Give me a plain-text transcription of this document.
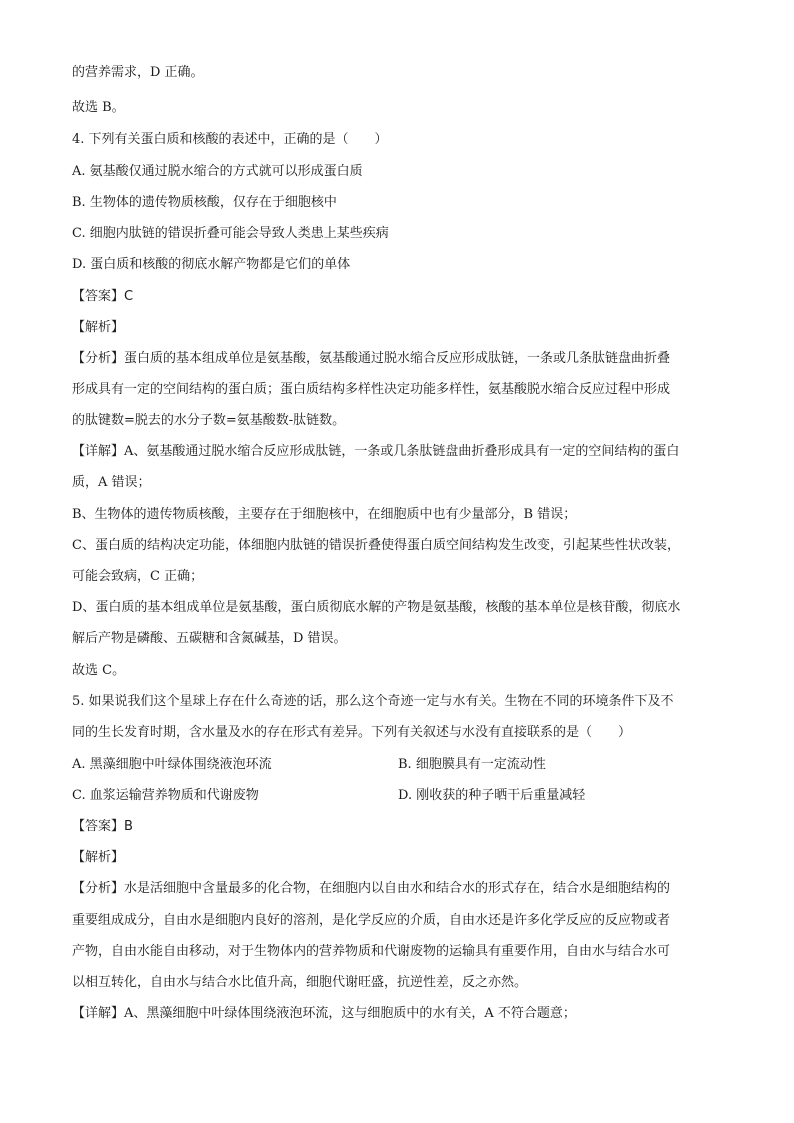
的营养需求，D 正确。
故选 B。
4. 下列有关蛋白质和核酸的表述中，正确的是（　　）
A. 氨基酸仅通过脱水缩合的方式就可以形成蛋白质
B. 生物体的遗传物质核酸，仅存在于细胞核中
C. 细胞内肽链的错误折叠可能会导致人类患上某些疾病
D. 蛋白质和核酸的彻底水解产物都是它们的单体
【答案】C
【解析】
【分析】蛋白质的基本组成单位是氨基酸，氨基酸通过脱水缩合反应形成肽链，一条或几条肽链盘曲折叠
形成具有一定的空间结构的蛋白质；蛋白质结构多样性决定功能多样性，氨基酸脱水缩合反应过程中形成
的肽键数=脱去的水分子数=氨基酸数-肽链数。
【详解】A、氨基酸通过脱水缩合反应形成肽链，一条或几条肽链盘曲折叠形成具有一定的空间结构的蛋白
质，A 错误；
B、生物体的遗传物质核酸，主要存在于细胞核中，在细胞质中也有少量部分，B 错误；
C、蛋白质的结构决定功能，体细胞内肽链的错误折叠使得蛋白质空间结构发生改变，引起某些性状改装，
可能会致病，C 正确；
D、蛋白质的基本组成单位是氨基酸，蛋白质彻底水解的产物是氨基酸，核酸的基本单位是核苷酸，彻底水
解后产物是磷酸、五碳糖和含氮碱基，D 错误。
故选 C。
5. 如果说我们这个星球上存在什么奇迹的话，那么这个奇迹一定与水有关。生物在不同的环境条件下及不
同的生长发育时期，含水量及水的存在形式有差异。下列有关叙述与水没有直接联系的是（　　）
A. 黑藻细胞中叶绿体围绕液泡环流	B. 细胞膜具有一定流动性
C. 血浆运输营养物质和代谢废物	D. 刚收获的种子晒干后重量减轻
【答案】B
【解析】
【分析】水是活细胞中含量最多的化合物，在细胞内以自由水和结合水的形式存在，结合水是细胞结构的
重要组成成分，自由水是细胞内良好的溶剂，是化学反应的介质，自由水还是许多化学反应的反应物或者
产物，自由水能自由移动，对于生物体内的营养物质和代谢废物的运输具有重要作用，自由水与结合水可
以相互转化，自由水与结合水比值升高，细胞代谢旺盛，抗逆性差，反之亦然。
【详解】A、黑藻细胞中叶绿体围绕液泡环流，这与细胞质中的水有关，A 不符合题意；
